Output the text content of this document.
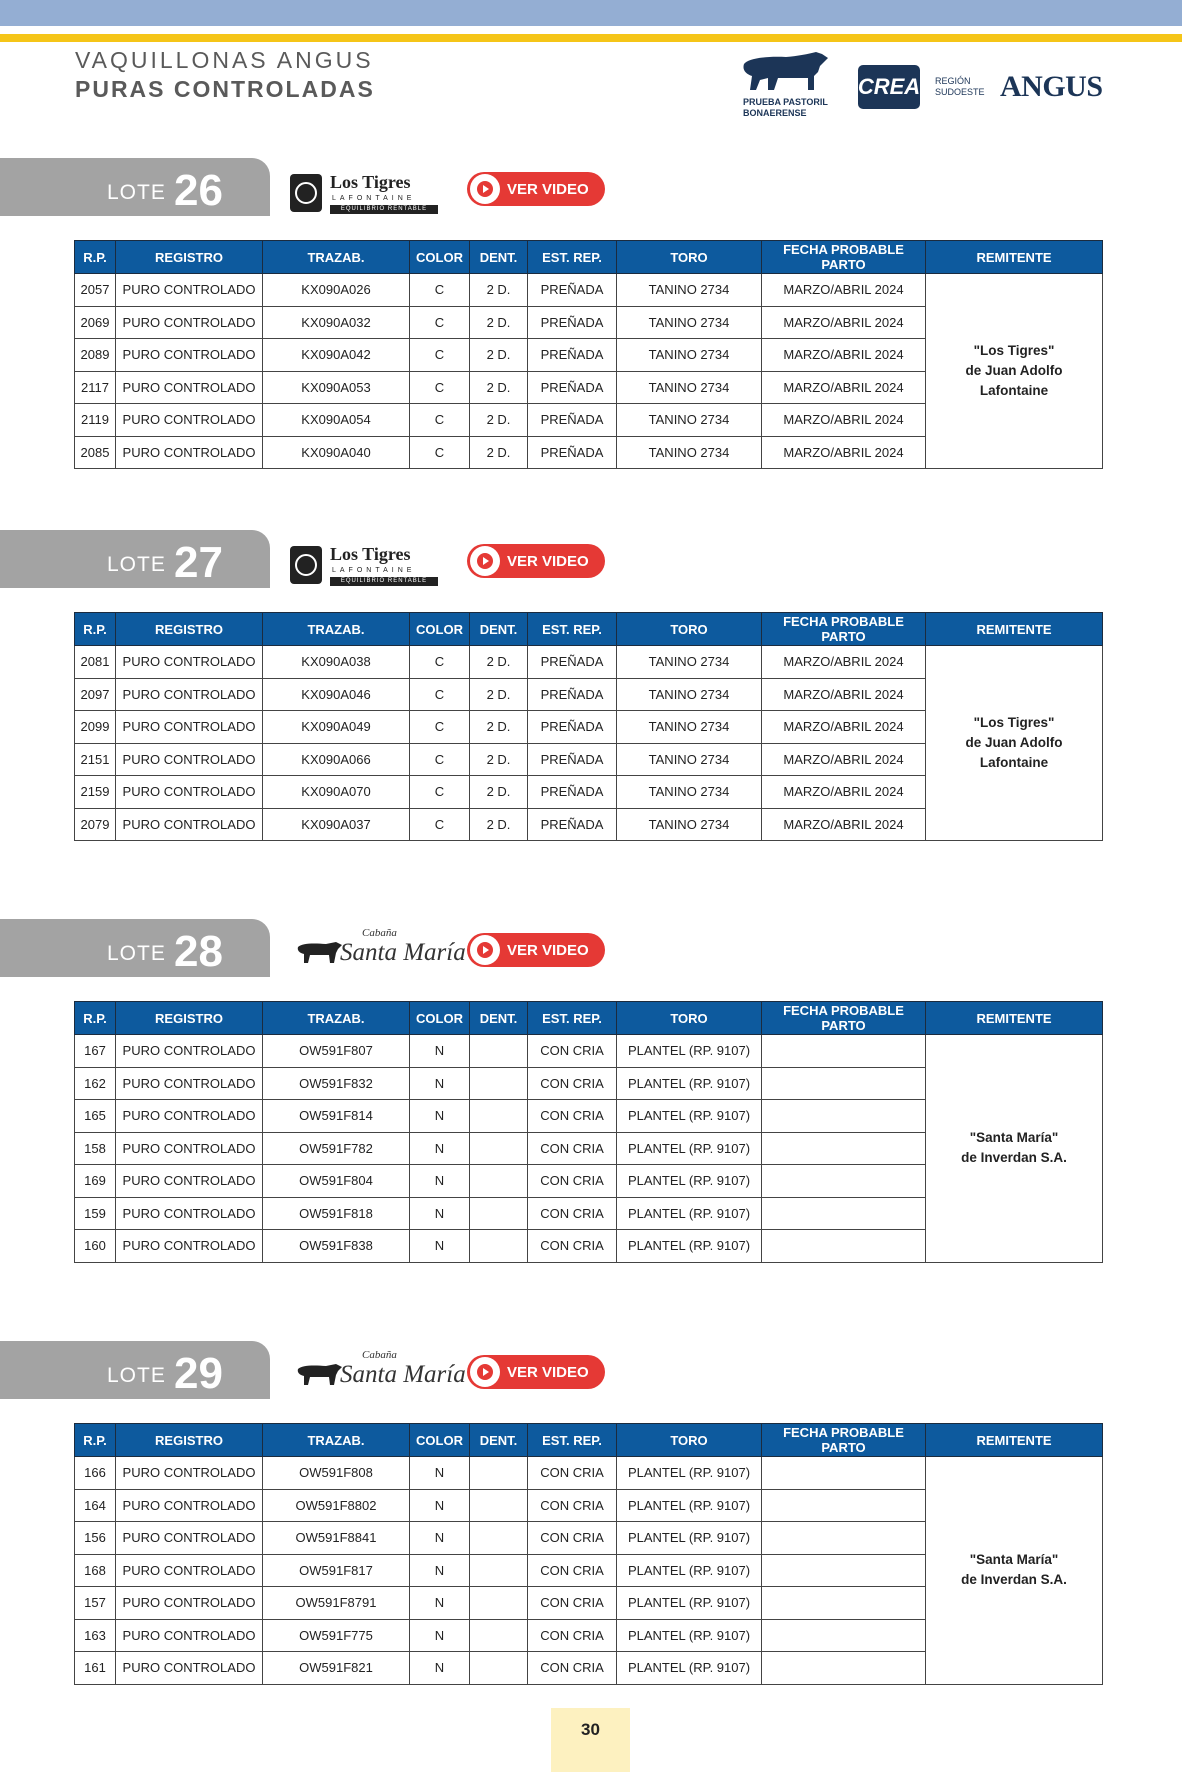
VAQUILLONAS ANGUS
PURAS CONTROLADAS	PRUEBA PASTORIL
BONAERENSE
CREA REGIÓN
SUDOESTE ANGUS
LOTE 26	Los Tigres
LAFONTAINE
EQUILIBRIO RENTABLE
VER VIDEO
R.P.	REGISTRO	TRAZAB.	COLOR	DENT.	EST. REP.	TORO	FECHA PROBABLE PARTO	REMITENTE
2057	PURO CONTROLADO	KX090A026	C	2 D.	PREÑADA	TANINO 2734	MARZO/ABRIL 2024	"Los Tigres"
de Juan Adolfo
Lafontaine

2069	PURO CONTROLADO	KX090A032	C	2 D.	PREÑADA	TANINO 2734	MARZO/ABRIL 2024	
2089	PURO CONTROLADO	KX090A042	C	2 D.	PREÑADA	TANINO 2734	MARZO/ABRIL 2024	
2117	PURO CONTROLADO	KX090A053	C	2 D.	PREÑADA	TANINO 2734	MARZO/ABRIL 2024	
2119	PURO CONTROLADO	KX090A054	C	2 D.	PREÑADA	TANINO 2734	MARZO/ABRIL 2024	
2085	PURO CONTROLADO	KX090A040	C	2 D.	PREÑADA	TANINO 2734	MARZO/ABRIL 2024	
LOTE 27	Los Tigres
LAFONTAINE
EQUILIBRIO RENTABLE
VER VIDEO
R.P.	REGISTRO	TRAZAB.	COLOR	DENT.	EST. REP.	TORO	FECHA PROBABLE PARTO	REMITENTE
2081	PURO CONTROLADO	KX090A038	C	2 D.	PREÑADA	TANINO 2734	MARZO/ABRIL 2024	"Los Tigres"
de Juan Adolfo
Lafontaine

2097	PURO CONTROLADO	KX090A046	C	2 D.	PREÑADA	TANINO 2734	MARZO/ABRIL 2024	
2099	PURO CONTROLADO	KX090A049	C	2 D.	PREÑADA	TANINO 2734	MARZO/ABRIL 2024	
2151	PURO CONTROLADO	KX090A066	C	2 D.	PREÑADA	TANINO 2734	MARZO/ABRIL 2024	
2159	PURO CONTROLADO	KX090A070	C	2 D.	PREÑADA	TANINO 2734	MARZO/ABRIL 2024	
2079	PURO CONTROLADO	KX090A037	C	2 D.	PREÑADA	TANINO 2734	MARZO/ABRIL 2024	
LOTE 28	Cabaña
Santa María	VER VIDEO
R.P.	REGISTRO	TRAZAB.	COLOR	DENT.	EST. REP.	TORO	FECHA PROBABLE PARTO	REMITENTE
167	PURO CONTROLADO	OW591F807	N		CON CRIA	PLANTEL (RP. 9107)		"Santa María"
de Inverdan S.A.

162	PURO CONTROLADO	OW591F832	N		CON CRIA	PLANTEL (RP. 9107)		
165	PURO CONTROLADO	OW591F814	N		CON CRIA	PLANTEL (RP. 9107)		
158	PURO CONTROLADO	OW591F782	N		CON CRIA	PLANTEL (RP. 9107)		
169	PURO CONTROLADO	OW591F804	N		CON CRIA	PLANTEL (RP. 9107)		
159	PURO CONTROLADO	OW591F818	N		CON CRIA	PLANTEL (RP. 9107)		
160	PURO CONTROLADO	OW591F838	N		CON CRIA	PLANTEL (RP. 9107)		
LOTE 29	Cabaña
Santa María	VER VIDEO
R.P.	REGISTRO	TRAZAB.	COLOR	DENT.	EST. REP.	TORO	FECHA PROBABLE PARTO	REMITENTE
166	PURO CONTROLADO	OW591F808	N		CON CRIA	PLANTEL (RP. 9107)		"Santa María"
de Inverdan S.A.

164	PURO CONTROLADO	OW591F8802	N		CON CRIA	PLANTEL (RP. 9107)		
156	PURO CONTROLADO	OW591F8841	N		CON CRIA	PLANTEL (RP. 9107)		
168	PURO CONTROLADO	OW591F817	N		CON CRIA	PLANTEL (RP. 9107)		
157	PURO CONTROLADO	OW591F8791	N		CON CRIA	PLANTEL (RP. 9107)		
163	PURO CONTROLADO	OW591F775	N		CON CRIA	PLANTEL (RP. 9107)		
161	PURO CONTROLADO	OW591F821	N		CON CRIA	PLANTEL (RP. 9107)		
30
